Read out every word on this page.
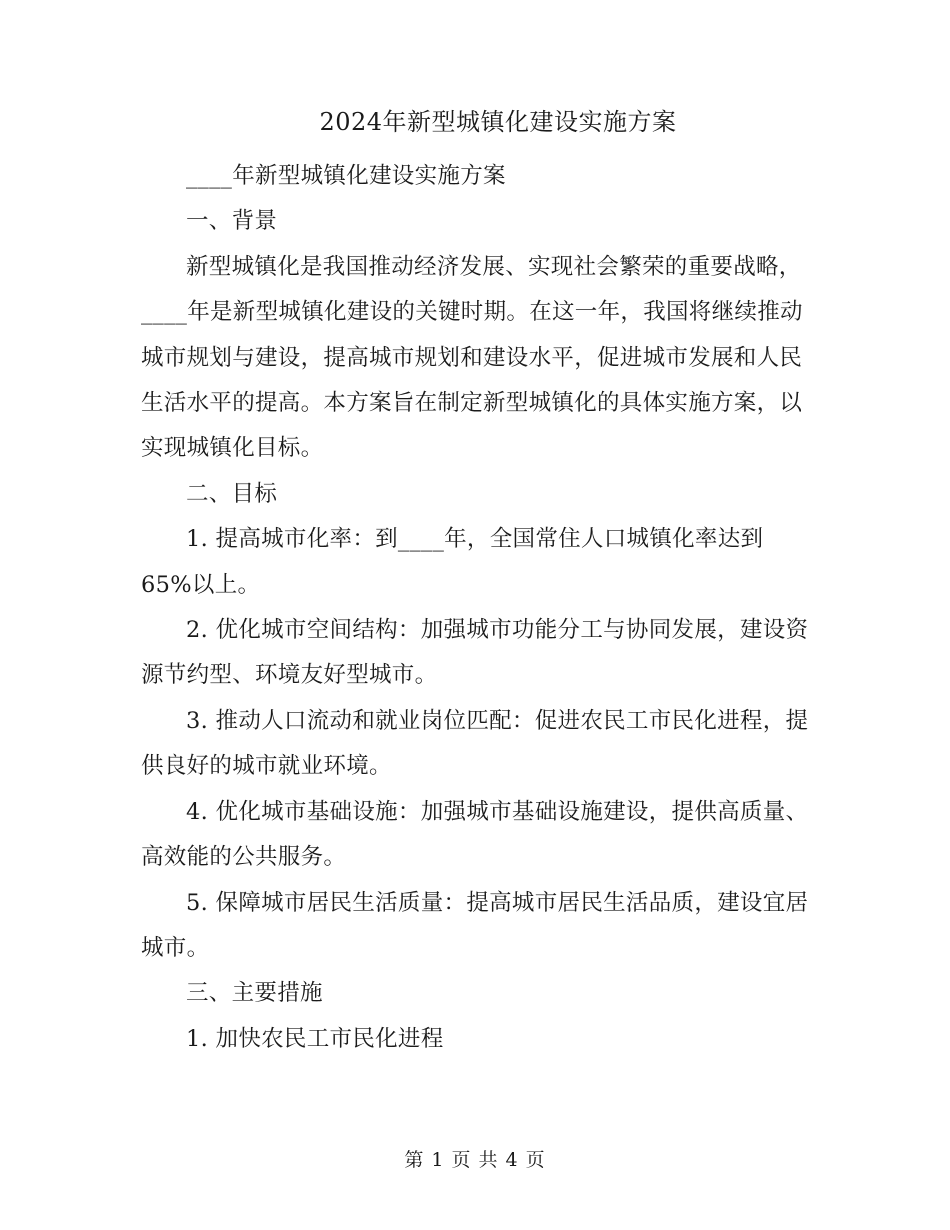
2024年新型城镇化建设实施方案

____年新型城镇化建设实施方案

一、背景

新型城镇化是我国推动经济发展、实现社会繁荣的重要战略，____年是新型城镇化建设的关键时期。在这一年，我国将继续推动城市规划与建设，提高城市规划和建设水平，促进城市发展和人民生活水平的提高。本方案旨在制定新型城镇化的具体实施方案，以实现城镇化目标。

二、目标

1. 提高城市化率：到____年，全国常住人口城镇化率达到65%以上。

2. 优化城市空间结构：加强城市功能分工与协同发展，建设资源节约型、环境友好型城市。

3. 推动人口流动和就业岗位匹配：促进农民工市民化进程，提供良好的城市就业环境。

4. 优化城市基础设施：加强城市基础设施建设，提供高质量、高效能的公共服务。

5. 保障城市居民生活质量：提高城市居民生活品质，建设宜居城市。

三、主要措施

1. 加快农民工市民化进程

第 1 页 共 4 页
